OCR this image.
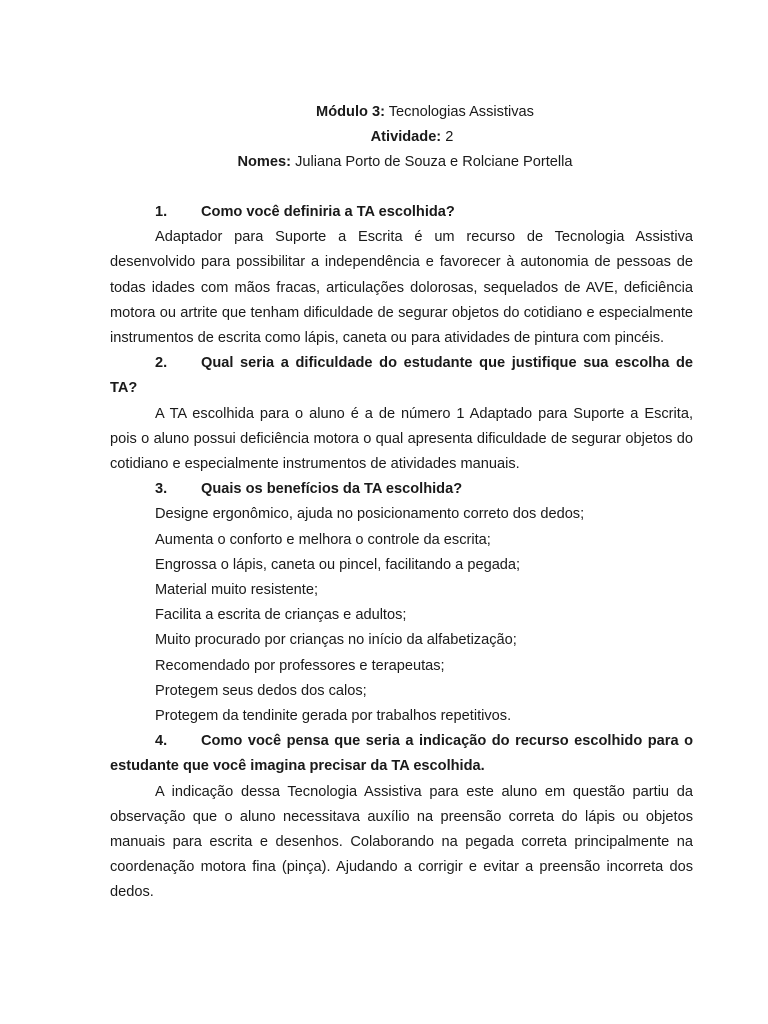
Módulo 3: Tecnologias Assistivas
Atividade: 2
Nomes: Juliana Porto de Souza e Rolciane Portella
1. Como você definiria a TA escolhida?
Adaptador para Suporte a Escrita é um recurso de Tecnologia Assistiva desenvolvido para possibilitar a independência e favorecer à autonomia de pessoas de todas idades com mãos fracas, articulações dolorosas, sequelados de AVE, deficiência motora ou artrite que tenham dificuldade de segurar objetos do cotidiano e especialmente instrumentos de escrita como lápis, caneta ou para atividades de pintura com pincéis.
2. Qual seria a dificuldade do estudante que justifique sua escolha de TA?
A TA escolhida para o aluno é a de número 1 Adaptado para Suporte a Escrita, pois o aluno possui deficiência motora o qual apresenta dificuldade de segurar objetos do cotidiano e especialmente instrumentos de atividades manuais.
3. Quais os benefícios da TA escolhida?
Designe ergonômico, ajuda no posicionamento correto dos dedos;
Aumenta o conforto e melhora o controle da escrita;
Engrossa o lápis, caneta ou pincel, facilitando a pegada;
Material muito resistente;
Facilita a escrita de crianças e adultos;
Muito procurado por crianças no início da alfabetização;
Recomendado por professores e terapeutas;
Protegem seus dedos dos calos;
Protegem da tendinite gerada por trabalhos repetitivos.
4. Como você pensa que seria a indicação do recurso escolhido para o estudante que você imagina precisar da TA escolhida.
A indicação dessa Tecnologia Assistiva para este aluno em questão partiu da observação que o aluno necessitava auxílio na preensão correta do lápis ou objetos manuais para escrita e desenhos. Colaborando na pegada correta principalmente na coordenação motora fina (pinça). Ajudando a corrigir e evitar a preensão incorreta dos dedos.
